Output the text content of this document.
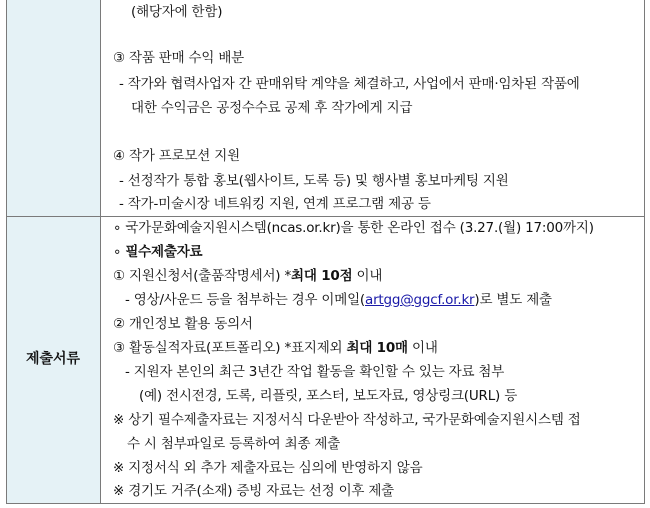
(해당자에 한함)
③ 작품 판매 수익 배분
- 작가와 협력사업자 간 판매위탁 계약을 체결하고, 사업에서 판매·임차된 작품에
대한 수익금은 공정수수료 공제 후 작가에게 지급
④ 작가 프로모션 지원
- 선정작가 통합 홍보(웹사이트, 도록 등) 및 행사별 홍보마케팅 지원
- 작가-미술시장 네트워킹 지원, 연계 프로그램 제공 등
제출서류
∘ 국가문화예술지원시스템(ncas.or.kr)을 통한 온라인 접수 (3.27.(월) 17:00까지)
∘ 필수제출자료
① 지원신청서(출품작명세서) *최대 10점 이내
- 영상/사운드 등을 첨부하는 경우 이메일(artgg@ggcf.or.kr)로 별도 제출
② 개인정보 활용 동의서
③ 활동실적자료(포트폴리오) *표지제외 최대 10매 이내
- 지원자 본인의 최근 3년간 작업 활동을 확인할 수 있는 자료 첨부
(예) 전시전경, 도록, 리플릿, 포스터, 보도자료, 영상링크(URL) 등
※ 상기 필수제출자료는 지정서식 다운받아 작성하고, 국가문화예술지원시스템 접
수 시 첨부파일로 등록하여 최종 제출
※ 지정서식 외 추가 제출자료는 심의에 반영하지 않음
※ 경기도 거주(소재) 증빙 자료는 선정 이후 제출
